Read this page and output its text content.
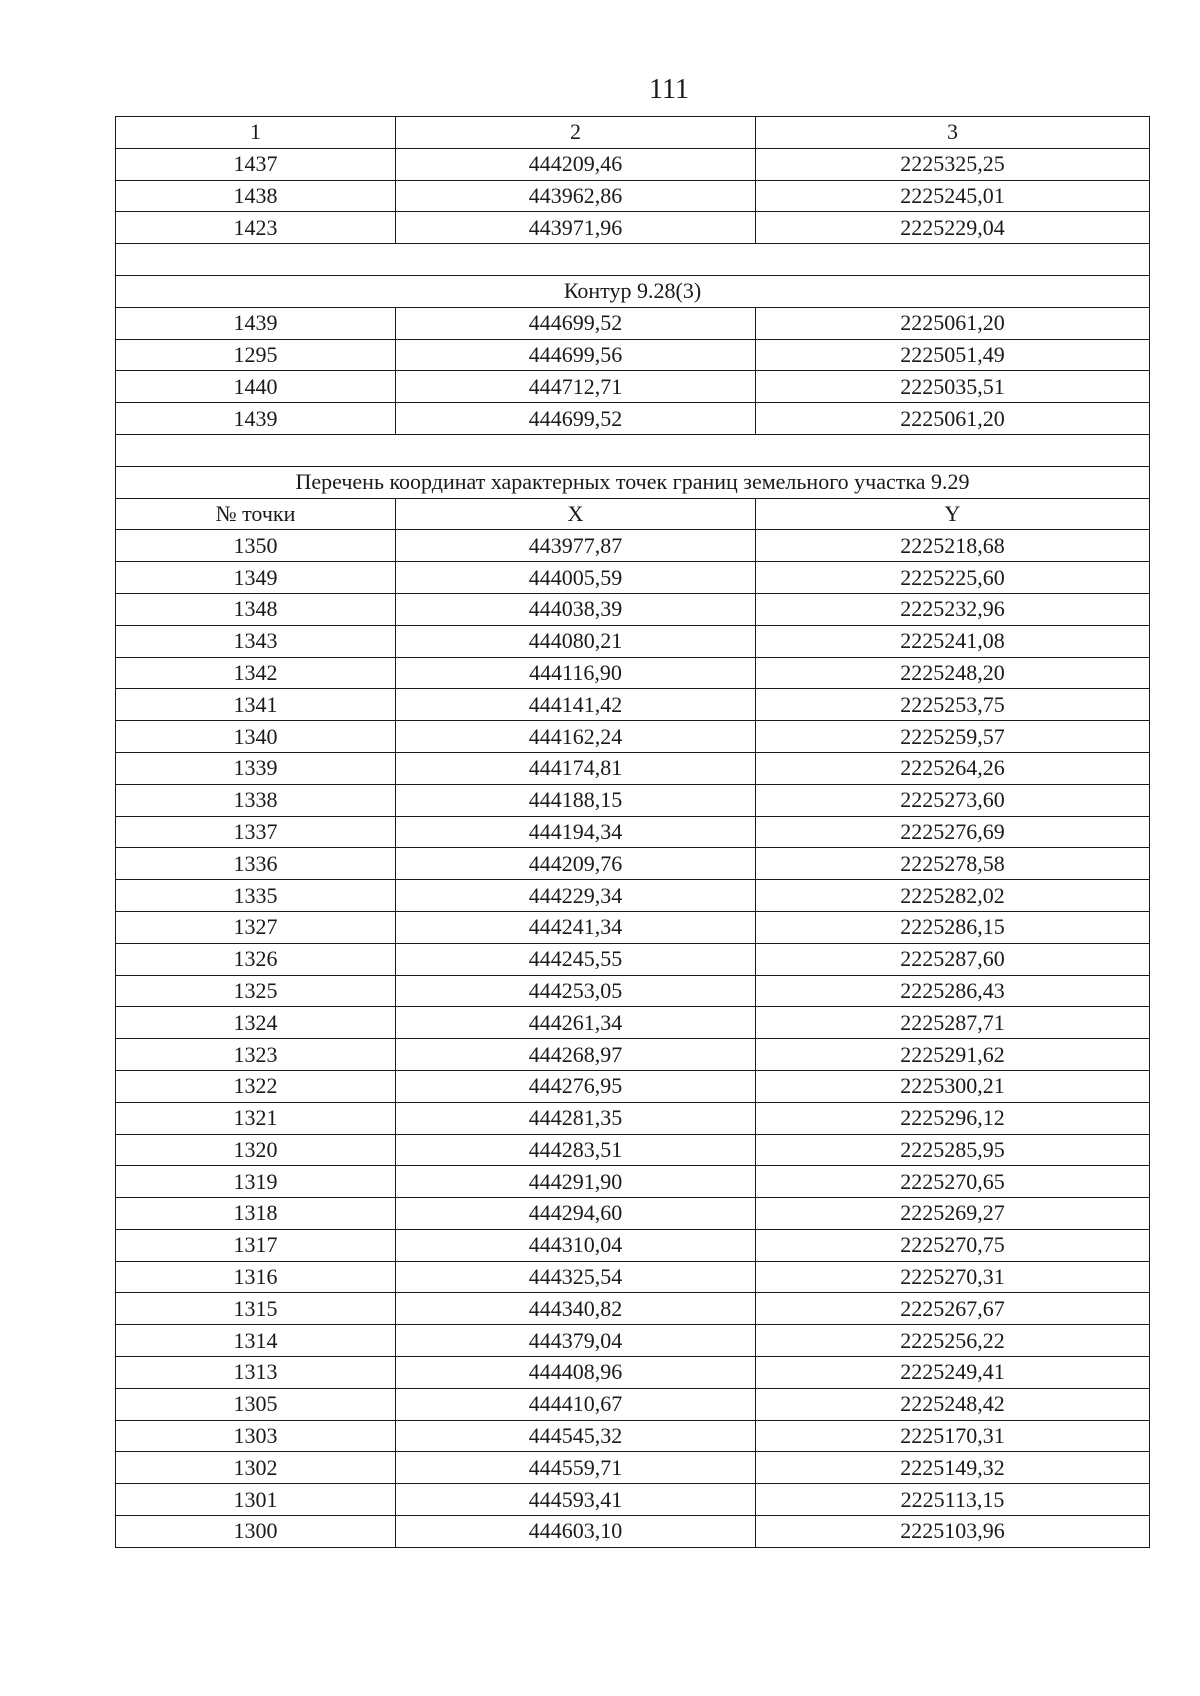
111
1	2	3
1437	444209,46	2225325,25
1438	443962,86	2225245,01
1423	443971,96	2225229,04

Контур 9.28(3)		
1439	444699,52	2225061,20
1295	444699,56	2225051,49
1440	444712,71	2225035,51
1439	444699,52	2225061,20

Перечень координат характерных точек границ земельного участка 9.29		
№ точки	X	Y
1350	443977,87	2225218,68
1349	444005,59	2225225,60
1348	444038,39	2225232,96
1343	444080,21	2225241,08
1342	444116,90	2225248,20
1341	444141,42	2225253,75
1340	444162,24	2225259,57
1339	444174,81	2225264,26
1338	444188,15	2225273,60
1337	444194,34	2225276,69
1336	444209,76	2225278,58
1335	444229,34	2225282,02
1327	444241,34	2225286,15
1326	444245,55	2225287,60
1325	444253,05	2225286,43
1324	444261,34	2225287,71
1323	444268,97	2225291,62
1322	444276,95	2225300,21
1321	444281,35	2225296,12
1320	444283,51	2225285,95
1319	444291,90	2225270,65
1318	444294,60	2225269,27
1317	444310,04	2225270,75
1316	444325,54	2225270,31
1315	444340,82	2225267,67
1314	444379,04	2225256,22
1313	444408,96	2225249,41
1305	444410,67	2225248,42
1303	444545,32	2225170,31
1302	444559,71	2225149,32
1301	444593,41	2225113,15
1300	444603,10	2225103,96
